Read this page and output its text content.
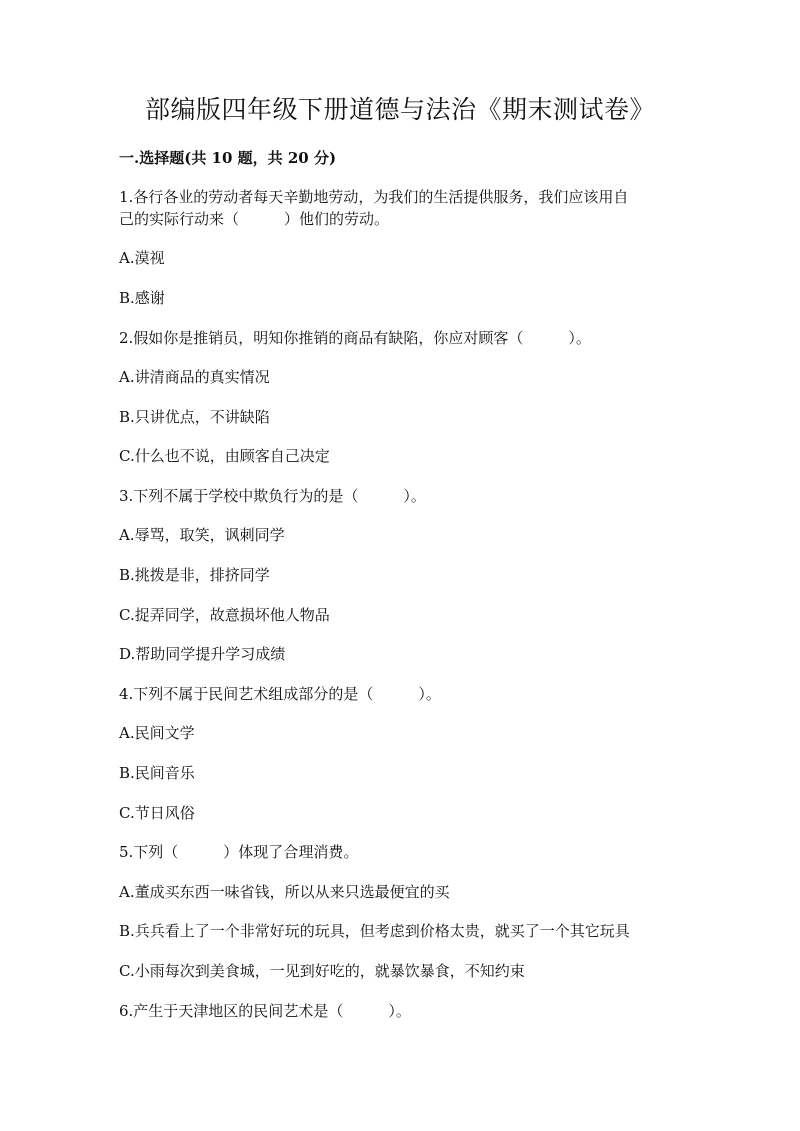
部编版四年级下册道德与法治《期末测试卷》
一.选择题(共 10 题，共 20 分)
1.各行各业的劳动者每天辛勤地劳动，为我们的生活提供服务，我们应该用自
己的实际行动来（　　　）他们的劳动。
A.漠视
B.感谢
2.假如你是推销员，明知你推销的商品有缺陷，你应对顾客（　　　）。
A.讲清商品的真实情况
B.只讲优点，不讲缺陷
C.什么也不说，由顾客自己决定
3.下列不属于学校中欺负行为的是（　　　）。
A.辱骂，取笑，讽刺同学
B.挑拨是非，排挤同学
C.捉弄同学，故意损坏他人物品
D.帮助同学提升学习成绩
4.下列不属于民间艺术组成部分的是（　　　）。
A.民间文学
B.民间音乐
C.节日风俗
5.下列（　　　）体现了合理消费。
A.董成买东西一味省钱，所以从来只选最便宜的买
B.兵兵看上了一个非常好玩的玩具，但考虑到价格太贵，就买了一个其它玩具
C.小雨每次到美食城，一见到好吃的，就暴饮暴食，不知约束
6.产生于天津地区的民间艺术是（　　　）。
